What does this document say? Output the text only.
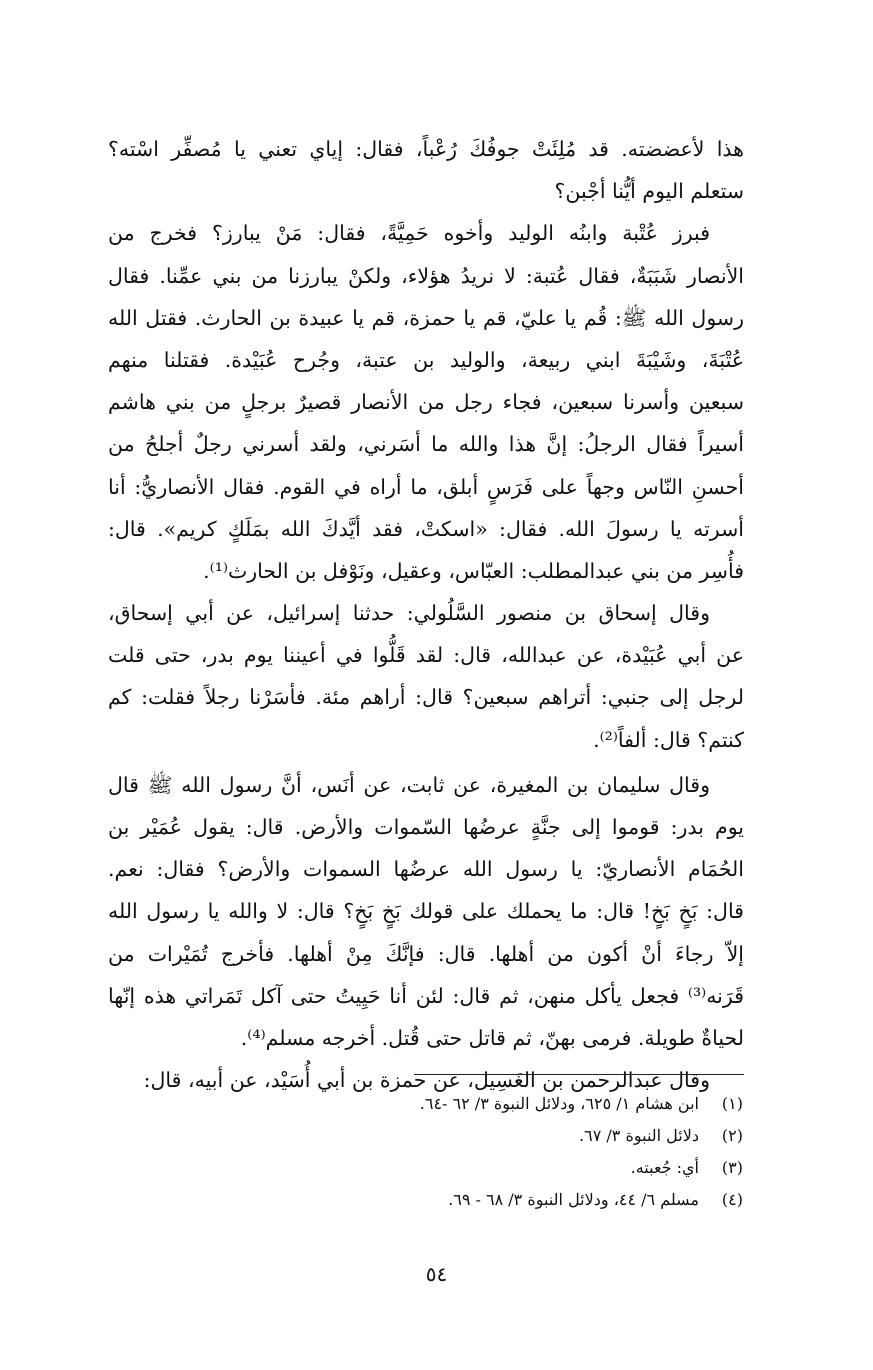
هذا لأعضضته. قد مُلِئَتْ جوفُكَ رُعْباً، فقال: إياي تعني يا مُصفِّر اسْته؟
ستعلم اليوم أيُّنا أجْبن؟
فبرز عُتْبة وابنُه الوليد وأخوه حَمِيَّةً، فقال: مَنْ يبارز؟ فخرج من
الأنصار شَبَبَةٌ، فقال عُتبة: لا نريدُ هؤلاء، ولكنْ يبارزنا من بني عمِّنا. فقال
رسول الله ﷺ: قُم يا عليّ، قم يا حمزة، قم يا عبيدة بن الحارث. فقتل الله
عُتْبَةَ، وشَيْبَةَ ابني ربيعة، والوليد بن عتبة، وجُرح عُبَيْدة. فقتلنا منهم
سبعين وأسرنا سبعين، فجاء رجل من الأنصار قصيرٌ برجلٍ من بني هاشم
أسيراً فقال الرجلُ: إنَّ هذا والله ما أسَرني، ولقد أسرني رجلٌ أجلحُ من
أحسنِ النّاس وجهاً على فَرَسٍ أبلق، ما أراه في القوم. فقال الأنصاريُّ: أنا
أسرته يا رسولَ الله. فقال: «اسكتْ، فقد أيَّدكَ الله بمَلَكٍ كريم». قال:
فأُسِر من بني عبدالمطلب: العبّاس، وعقيل، ونَوْفل بن الحارث⁽¹⁾.
وقال إسحاق بن منصور السَّلُولي: حدثنا إسرائيل، عن أبي إسحاق،
عن أبي عُبَيْدة، عن عبدالله، قال: لقد قَلُّوا في أعيننا يوم بدر، حتى قلت
لرجل إلى جنبي: أتراهم سبعين؟ قال: أراهم مئة. فأسَرْنا رجلاً فقلت: كم
كنتم؟ قال: ألفاً⁽²⁾.
وقال سليمان بن المغيرة، عن ثابت، عن أنَس، أنَّ رسول الله ﷺ قال
يوم بدر: قوموا إلى جنَّةٍ عرضُها السّموات والأرض. قال: يقول عُمَيْر بن
الحُمَام الأنصاريّ: يا رسول الله عرضُها السموات والأرض؟ فقال: نعم.
قال: بَخٍ بَخٍ! قال: ما يحملك على قولك بَخٍ بَخٍ؟ قال: لا والله يا رسول الله
إلاّ رجاءَ أنْ أكون من أهلها. قال: فإنَّكَ مِنْ أهلها. فأخرج تُمَيْرات من
قَرَنه⁽³⁾ فجعل يأكل منهن، ثم قال: لئن أنا حَيِيتُ حتى آكل تَمَراتي هذه إنّها
لحياةٌ طويلة. فرمى بهنّ، ثم قاتل حتى قُتل. أخرجه مسلم⁽⁴⁾.
وقال عبدالرحمن بن الغَسِيل، عن حمزة بن أبي أُسَيْد، عن أبيه، قال:
(١)
ابن هشام ١/ ٦٢٥، ودلائل النبوة ٣/ ٦٢ -٦٤.
(٢)
دلائل النبوة ٣/ ٦٧.
(٣)
أي: جُعبته.
(٤)
مسلم ٦/ ٤٤، ودلائل النبوة ٣/ ٦٨ - ٦٩.
٥٤
